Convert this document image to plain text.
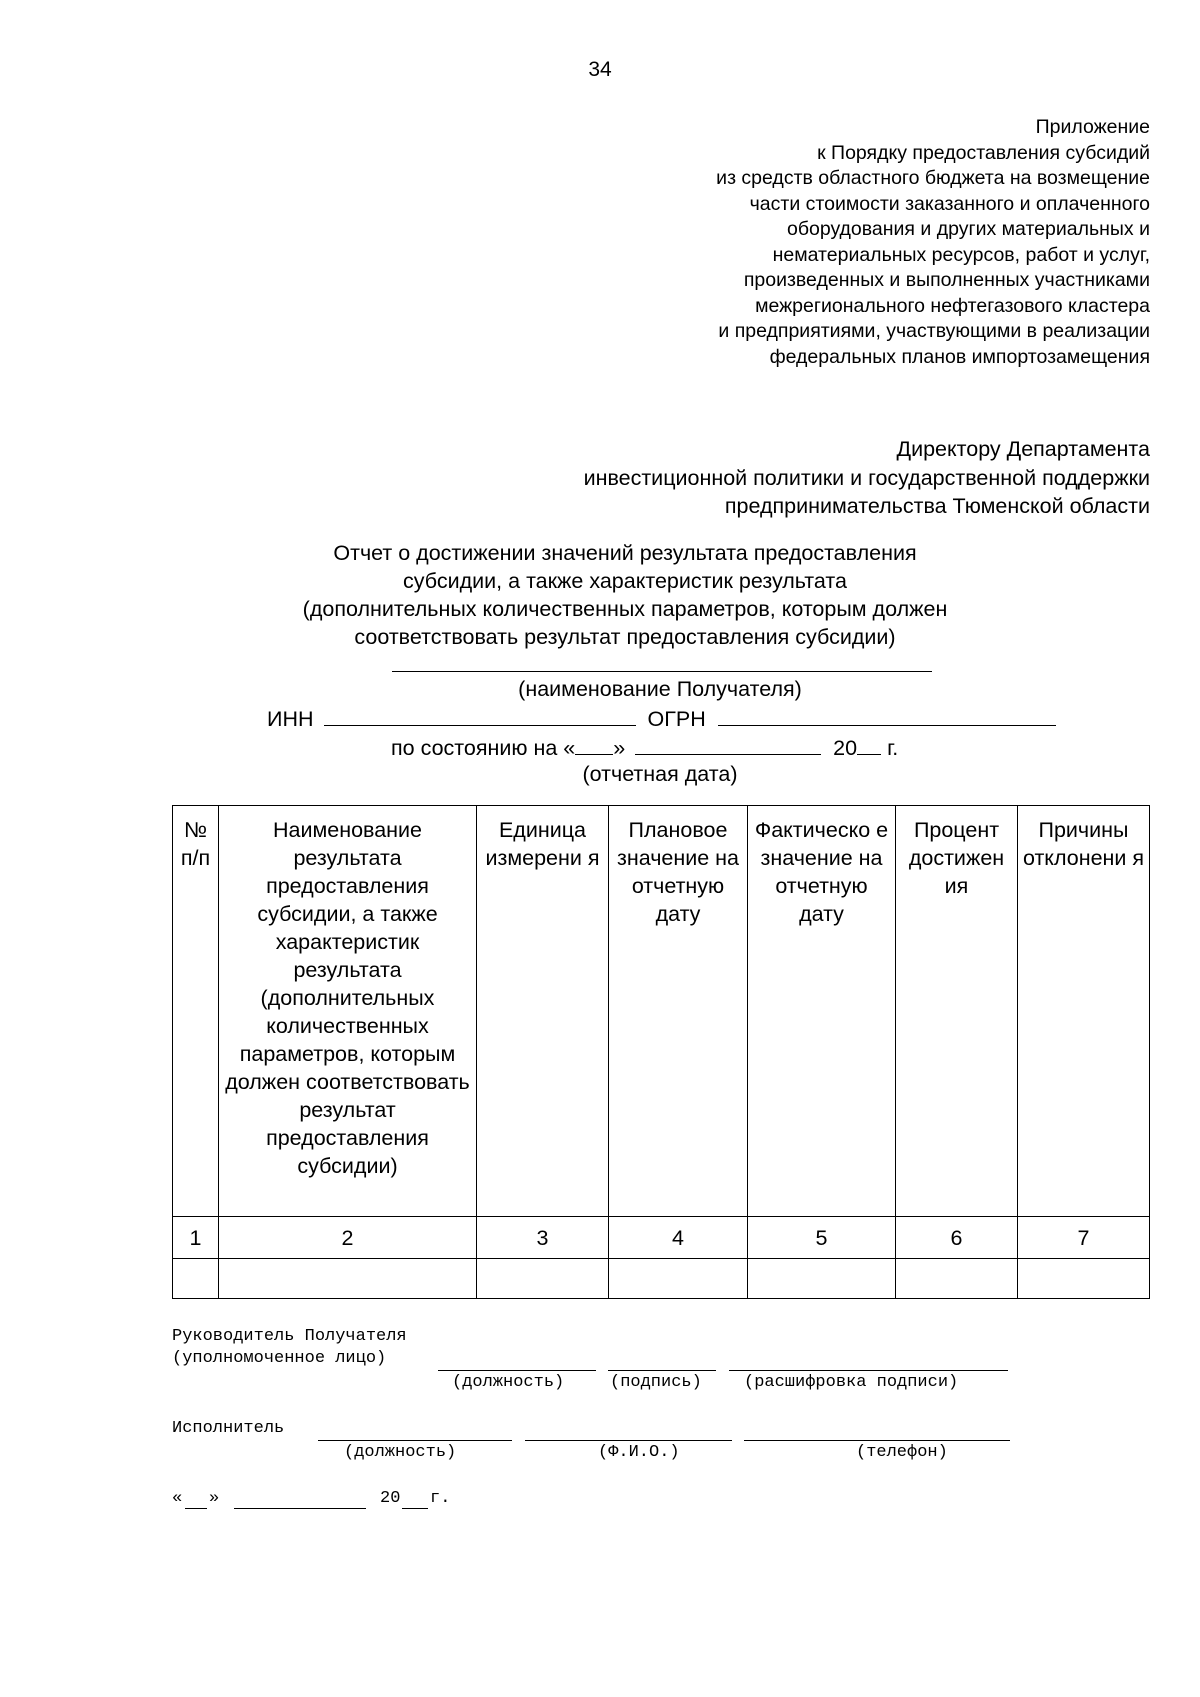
34
Приложение
к Порядку предоставления субсидий
из средств областного бюджета на возмещение
части стоимости заказанного и оплаченного
оборудования и других материальных и
нематериальных ресурсов, работ и услуг,
произведенных и выполненных участниками
межрегионального нефтегазового кластера
и предприятиями, участвующими в реализации
федеральных планов импортозамещения
Директору Департамента
инвестиционной политики и государственной поддержки
предпринимательства Тюменской области
Отчет о достижении значений результата предоставления
субсидии, а также характеристик результата
(дополнительных количественных параметров, которым должен
соответствовать результат предоставления субсидии)
(наименование Получателя)
ИНН	ОГРН
по состоянию на « »	20 г.
(отчетная дата)
№ п/п	Наименование результата предоставления субсидии, а также характеристик результата (дополнительных количественных параметров, которым должен соответствовать результат предоставления субсидии)	Единица измерени я	Плановое значение на отчетную дату	Фактическо е значение на отчетную дату	Процент достижен ия	Причины отклонени я
1	2	3	4	5	6	7

Руководитель Получателя
(уполномоченное лицо)
(должность)	(подпись) (расшифровка подписи)
Исполнитель
(должность)	(Ф.И.О.)	(телефон)
« »	20 г.
